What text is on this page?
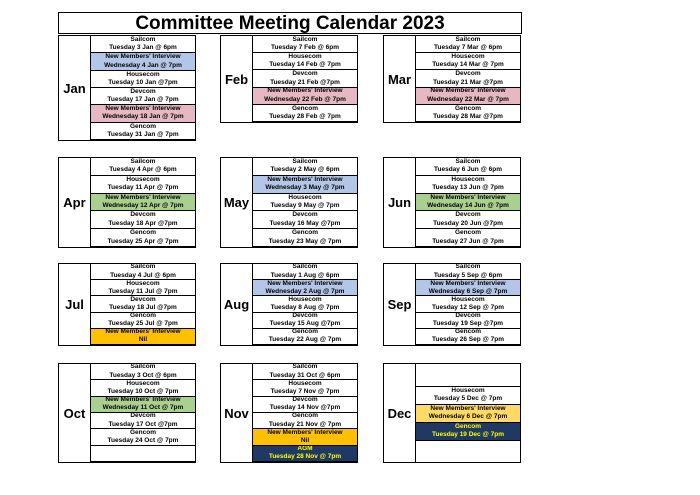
Committee Meeting Calendar 2023
Jan
Sailcom
Tuesday 3 Jan @ 6pm
New Members' Interview
Wednesday 4 Jan @ 7pm
Housecom
Tuesday 10 Jan @7pm
Devcom
Tuesday 17 Jan @ 7pm
New Members' Interview
Wednesday 18 Jan @ 7pm
Gencom
Tuesday 31 Jan @ 7pm
Feb
Sailcom
Tuesday 7 Feb @ 6pm
Housecom
Tuesday 14 Feb @ 7pm
Devcom
Tuesday 21 Feb @7pm
New Members' Interview
Wednesday 22 Feb @ 7pm
Gencom
Tuesday 28 Feb @ 7pm
Mar
Sailcom
Tuesday 7 Mar @ 6pm
Housecom
Tuesday 14 Mar @ 7pm
Devcom
Tuesday 21 Mar @7pm
New Members' Interview
Wednesday 22 Mar @ 7pm
Gencom
Tuesday 28 Mar @7pm
Apr
Sailcom
Tuesday 4 Apr @ 6pm
Housecom
Tuesday 11 Apr @ 7pm
New Members' Interview
Wednesday 12 Apr @ 7pm
Devcom
Tuesday 18 Apr @7pm
Gencom
Tuesday 25 Apr @ 7pm
May
Sailcom
Tuesday 2 May @ 6pm
New Members' Interview
Wednesday 3 May @ 7pm
Housecom
Tuesday 9 May @ 7pm
Devcom
Tuesday 16 May @7pm
Gencom
Tuesday 23 May @ 7pm
Jun
Sailcom
Tuesday 6 Jun @ 6pm
Housecom
Tuesday 13 Jun @ 7pm
New Members' Interview
Wednesday 14 Jun @ 7pm
Devcom
Tuesday 20 Jun @7pm
Gencom
Tuesday 27 Jun @ 7pm
Jul
Sailcom
Tuesday 4 Jul @ 6pm
Housecom
Tuesday 11 Jul @ 7pm
Devcom
Tuesday 18 Jul @7pm
Gencom
Tuesday 25 Jul @ 7pm
New Members' Interview
Nil
Aug
Sailcom
Tuesday 1 Aug @ 6pm
New Members' Interview
Wednesday 2 Aug @ 7pm
Housecom
Tuesday 8 Aug @ 7pm
Devcom
Tuesday 15 Aug @7pm
Gencom
Tuesday 22 Aug @ 7pm
Sep
Sailcom
Tuesday 5 Sep @ 6pm
New Members' Interview
Wednesday 6 Sep @ 7pm
Housecom
Tuesday 12 Sep @ 7pm
Devcom
Tuesday 19 Sep @7pm
Gencom
Tuesday 26 Sep @ 7pm
Oct
Sailcom
Tuesday 3 Oct @ 6pm
Housecom
Tuesday 10 Oct @ 7pm
New Members' Interview
Wednesday 11 Oct @ 7pm
Devcom
Tuesday 17 Oct @7pm
Gencom
Tuesday 24 Oct @ 7pm
Nov
Sailcom
Tuesday 31 Oct @ 6pm
Housecom
Tuesday 7 Nov @ 7pm
Devcom
Tuesday 14 Nov @7pm
Gencom
Tuesday 21 Nov @ 7pm
New Members' Interview
Nil
AGM
Tuesday 28 Nov @ 7pm
Dec
Housecom
Tuesday 5 Dec @ 7pm
New Members' Interview
Wednesday 6 Dec @ 7pm
Gencom
Tuesday 19 Dec @ 7pm
